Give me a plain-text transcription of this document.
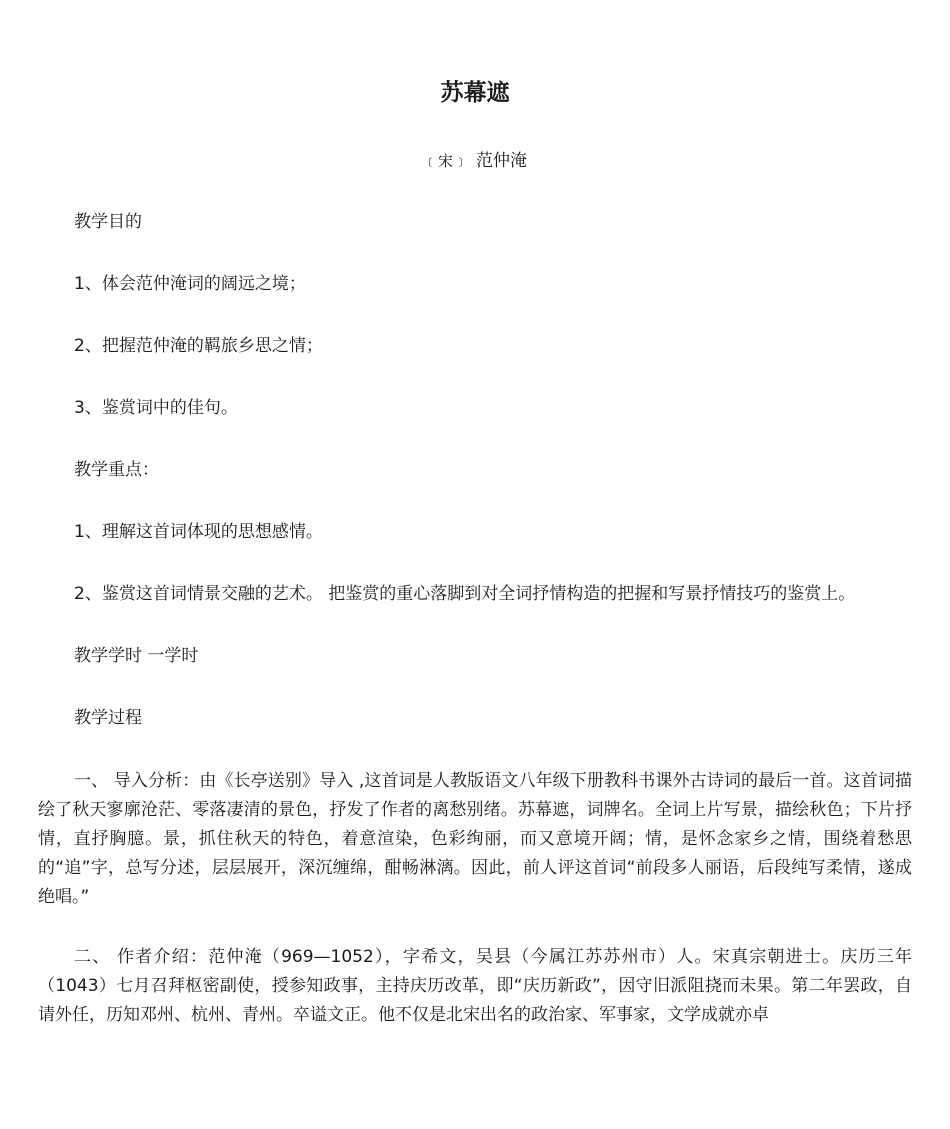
苏幕遮

﹝宋﹞ 范仲淹

教学目的

1、体会范仲淹词的阔远之境；

2、把握范仲淹的羁旅乡思之情；

3、鉴赏词中的佳句。

教学重点：

1、理解这首词体现的思想感情。

2、鉴赏这首词情景交融的艺术。 把鉴赏的重心落脚到对全词抒情构造的把握和写景抒情技巧的鉴赏上。

教学学时 一学时

教学过程

一、 导入分析：由《长亭送别》导入 ,这首词是人教版语文八年级下册教科书课外古诗词的最后一首。这首词描绘了秋天寥廓沧茫、零落凄清的景色，抒发了作者的离愁别绪。苏幕遮，词牌名。全词上片写景，描绘秋色；下片抒情，直抒胸臆。景，抓住秋天的特色，着意渲染，色彩绚丽，而又意境开阔；情，是怀念家乡之情，围绕着愁思的“追”字，总写分述，层层展开，深沉缠绵，酣畅淋漓。因此，前人评这首词“前段多人丽语，后段纯写柔情，遂成绝唱。”

二、 作者介绍：范仲淹（969—1052），字希文，吴县（今属江苏苏州市）人。宋真宗朝进士。庆历三年（1043）七月召拜枢密副使，授参知政事，主持庆历改革，即“庆历新政”，因守旧派阻挠而未果。第二年罢政，自请外任，历知邓州、杭州、青州。卒谥文正。他不仅是北宋出名的政治家、军事家，文学成就亦卓
